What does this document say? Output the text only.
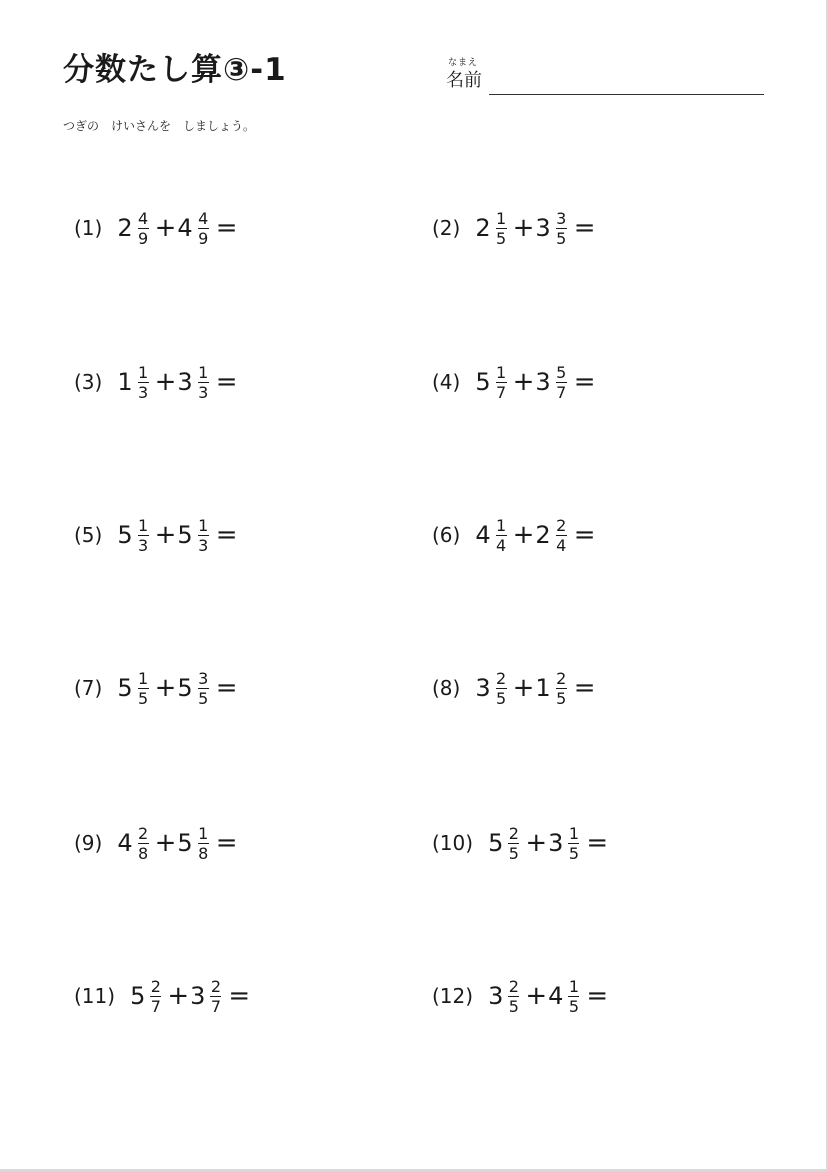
分数たし算③-1	なまえ
名前
つぎの　けいさんを　しましょう。
(1) $2 \frac{4}{9} + 4 \frac{4}{9}$ =	(2) $2 \frac{1}{5} + 3 \frac{3}{5}$ =
(3) $1 \frac{1}{3} + 3 \frac{1}{3}$ =	(4) $5 \frac{1}{7} + 3 \frac{5}{7}$ =
(5) $5 \frac{1}{3} + 5 \frac{1}{3}$ =	(6) $4 \frac{1}{4} + 2 \frac{2}{4}$ =
(7) $5 \frac{1}{5} + 5 \frac{3}{5}$ =	(8) $3 \frac{2}{5} + 1 \frac{2}{5}$ =
(9) $4 \frac{2}{8} + 5 \frac{1}{8}$ =	(10) $5 \frac{2}{5} + 3 \frac{1}{5}$ =
(11) $5 \frac{2}{7} + 3 \frac{2}{7}$ =	(12) $3 \frac{2}{5} + 4 \frac{1}{5}$ =
